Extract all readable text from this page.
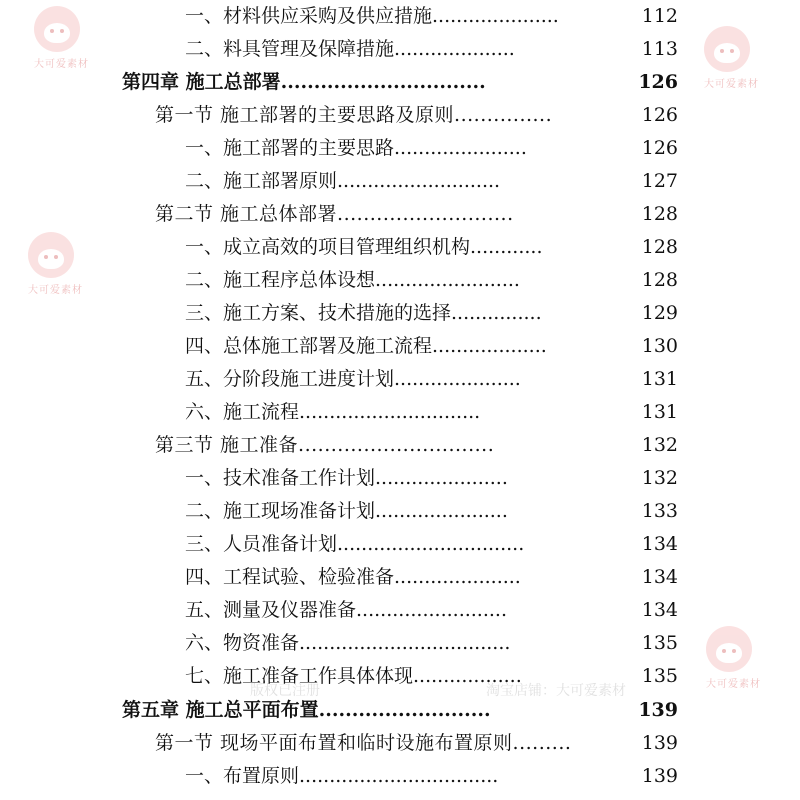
一、材料供应采购及供应措施.....................	112
二、料具管理及保障措施....................	113
第四章 施工总部署...............................	126
第一节 施工部署的主要思路及原则...............	126
一、施工部署的主要思路......................	126
二、施工部署原则...........................	127
第二节 施工总体部署...........................	128
一、成立高效的项目管理组织机构............	128
二、施工程序总体设想........................	128
三、施工方案、技术措施的选择...............	129
四、总体施工部署及施工流程...................	130
五、分阶段施工进度计划.....................	131
六、施工流程..............................	131
第三节 施工准备..............................	132
一、技术准备工作计划......................	132
二、施工现场准备计划......................	133
三、人员准备计划...............................	134
四、工程试验、检验准备.....................	134
五、测量及仪器准备.........................	134
六、物资准备...................................	135
七、施工准备工作具体体现..................	135
第五章 施工总平面布置..........................	139
第一节 现场平面布置和临时设施布置原则.........	139
一、布置原则.................................	139
大可爱素材
大可爱素材
大可爱素材
大可爱素材
版权已注册	淘宝店铺：大可爱素材
